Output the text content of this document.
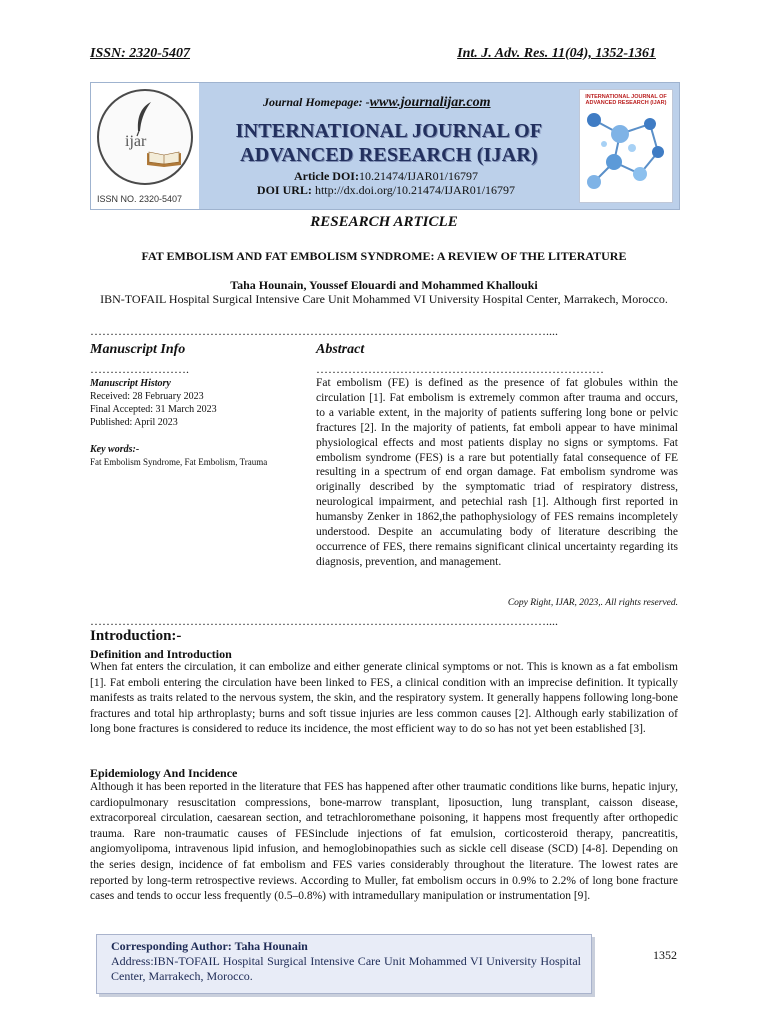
ISSN: 2320-5407	Int. J. Adv. Res. 11(04), 1352-1361
ijar
ISSN NO. 2320-5407
Journal Homepage: -www.journalijar.com
INTERNATIONAL JOURNAL OF ADVANCED RESEARCH (IJAR)
Article DOI:10.21474/IJAR01/16797
DOI URL: http://dx.doi.org/10.21474/IJAR01/16797
INTERNATIONAL JOURNAL OF ADVANCED RESEARCH (IJAR)
RESEARCH ARTICLE
FAT EMBOLISM AND FAT EMBOLISM SYNDROME: A REVIEW OF THE LITERATURE
Taha Hounain, Youssef Elouardi and Mohammed Khallouki
IBN-TOFAIL Hospital Surgical Intensive Care Unit Mohammed VI University Hospital Center, Marrakech, Morocco.
……………………………………………………………………………………………………....
Manuscript Info	Abstract
…………………….	………………………………………………………………
Manuscript History
Received: 28 February 2023
Final Accepted: 31 March 2023
Published: April 2023
Key words:-
Fat Embolism Syndrome, Fat Embolism, Trauma
Fat embolism (FE) is defined as the presence of fat globules within the circulation [1]. Fat embolism is extremely common after trauma and occurs, to a variable extent, in the majority of patients suffering long bone or pelvic fractures [2]. In the majority of patients, fat emboli appear to have minimal physiological effects and most patients display no signs or symptoms. Fat embolism syndrome (FES) is a rare but potentially fatal consequence of FE resulting in a spectrum of end organ damage. Fat embolism syndrome was originally described by the symptomatic triad of respiratory distress, neurological impairment, and petechial rash [1]. Although first reported in humansby Zenker in 1862,the pathophysiology of FES remains incompletely understood. Despite an accumulating body of literature describing the occurrence of FES, there remains significant clinical uncertainty regarding its diagnosis, prevention, and management.
Copy Right, IJAR, 2023,. All rights reserved.
……………………………………………………………………………………………………....
Introduction:-
Definition and Introduction
When fat enters the circulation, it can embolize and either generate clinical symptoms or not. This is known as a fat embolism [1]. Fat emboli entering the circulation have been linked to FES, a clinical condition with an imprecise definition. It typically manifests as traits related to the nervous system, the skin, and the respiratory system. It generally happens following long-bone fractures and total hip arthroplasty; burns and soft tissue injuries are less common causes [2]. Although early stabilization of long bone fractures is considered to reduce its incidence, the most efficient way to do so has not yet been established [3].
Epidemiology And Incidence
Although it has been reported in the literature that FES has happened after other traumatic conditions like burns, hepatic injury, cardiopulmonary resuscitation compressions, bone-marrow transplant, liposuction, lung transplant, caisson disease, extracorporeal circulation, caesarean section, and tetrachloromethane poisoning, it happens most frequently after orthopedic trauma. Rare non-traumatic causes of FESinclude injections of fat emulsion, corticosteroid therapy, pancreatitis, angiomyolipoma, intravenous lipid infusion, and hemoglobinopathies such as sickle cell disease (SCD) [4-8]. Depending on the series design, incidence of fat embolism and FES varies considerably throughout the literature. The lowest rates are reported by long-term retrospective reviews. According to Muller, fat embolism occurs in 0.9% to 2.2% of long bone fracture cases and tends to occur less frequently (0.5–0.8%) with intramedullary manipulation or instrumentation [9].
Corresponding Author: Taha Hounain
Address:IBN-TOFAIL Hospital Surgical Intensive Care Unit Mohammed VI University Hospital Center, Marrakech, Morocco.
1352
